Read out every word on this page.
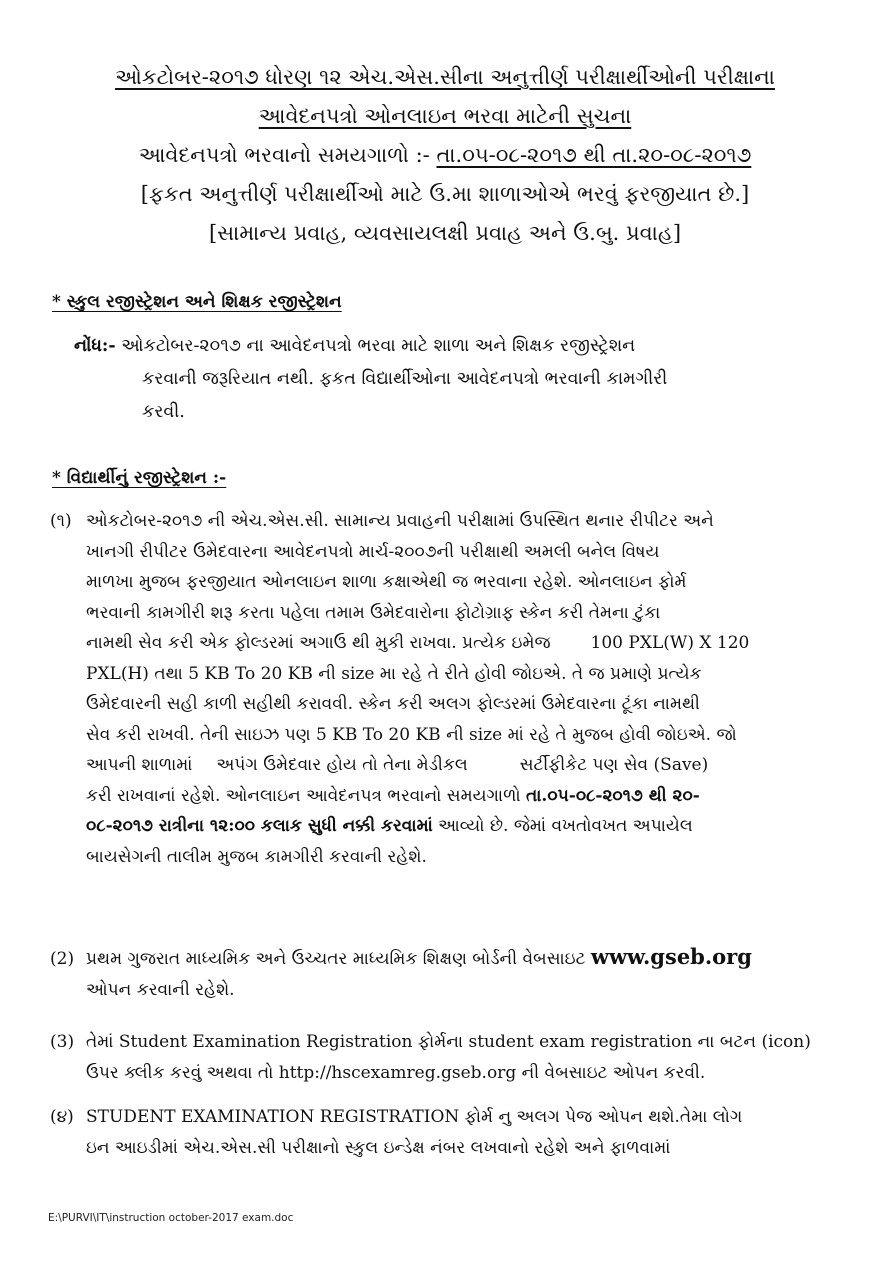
ઓકટોબર-૨૦૧૭ ધોરણ ૧૨ એચ.એસ.સીના અનુત્તીર્ણ પરીક્ષાર્થીઓની પરીક્ષાના
આવેદનપત્રો ઓનલાઇન ભરવા માટેની સુચના
આવેદનપત્રો ભરવાનો સમયગાળો :- તા.૦૫-૦૮-૨૦૧૭ થી તા.૨૦-૦૮-૨૦૧૭
[ફકત અનુત્તીર્ણ પરીક્ષાર્થીઓ માટે ઉ.મા શાળાઓએ ભરવું ફરજીયાત છે.]
[સામાન્ય પ્રવાહ, વ્યવસાયલક્ષી પ્રવાહ અને ઉ.બુ. પ્રવાહ]
* સ્કુલ રજીસ્ટ્રેશન અને શિક્ષક રજીસ્ટ્રેશન
નોંધ:- ઓકટોબર-૨૦૧૭ ના આવેદનપત્રો ભરવા માટે શાળા અને શિક્ષક રજીસ્ટ્રેશન
કરવાની જરૂરિયાત નથી. ફકત વિદ્યાર્થીઓના આવેદનપત્રો ભરવાની કામગીરી
કરવી.
* વિદ્યાર્થીનું રજીસ્ટ્રેશન :-
(૧) ઓકટોબર-૨૦૧૭ ની એચ.એસ.સી. સામાન્ય પ્રવાહની પરીક્ષામાં ઉપસ્થિત થનાર રીપીટર અને
ખાનગી રીપીટર ઉમેદવારના આવેદનપત્રો માર્ચ-૨૦૦૭ની પરીક્ષાથી અમલી બનેલ વિષય
માળખા મુજબ ફરજીયાત ઓનલાઇન શાળા કક્ષાએથી જ ભરવાના રહેશે. ઓનલાઇન ફોર્મ
ભરવાની કામગીરી શરૂ કરતા પહેલા તમામ ઉમેદવારોના ફોટોગ્રાફ સ્કેન કરી તેમના ટુંકા
નામથી સેવ કરી એક ફોલ્ડરમાં અગાઉ થી મુકી રાખવા. પ્રત્યેક ઇમેજ 100 PXL(W) X 120
PXL(H) તથા 5 KB To 20 KB ની size મા રહે તે રીતે હોવી જોઇએ. તે જ પ્રમાણે પ્રત્યેક
ઉમેદવારની સહી કાળી સહીથી કરાવવી. સ્કેન કરી અલગ ફોલ્ડરમાં ઉમેદવારના ટૂંકા નામથી
સેવ કરી રાખવી. તેની સાઇઝ પણ 5 KB To 20 KB ની size માં રહે તે મુજબ હોવી જોઇએ. જો
આપની શાળામાં અપંગ ઉમેદવાર હોય તો તેના મેડીકલ	સર્ટીફીકેટ પણ સેવ (Save)
કરી રાખવાનાં રહેશે. ઓનલાઇન આવેદનપત્ર ભરવાનો સમયગાળો તા.૦૫-૦૮-૨૦૧૭ થી ૨૦-
૦૮-૨૦૧૭ રાત્રીના ૧૨:૦૦ કલાક સુધી નક્કી કરવામાં આવ્યો છે. જેમાં વખતોવખત અપાયેલ
બાયસેગની તાલીમ મુજબ કામગીરી કરવાની રહેશે.
(2) પ્રથમ ગુજરાત માધ્યમિક અને ઉચ્ચતર માધ્યમિક શિક્ષણ બોર્ડની વેબસાઇટ www.gseb.org
ઓપન કરવાની રહેશે.
(3) તેમાં Student Examination Registration ફોર્મના student exam registration ના બટન (icon)
ઉપર ક્લીક કરવું અથવા તો http://hscexamreg.gseb.org ની વેબસાઇટ ઓપન કરવી.
(૪) STUDENT EXAMINATION REGISTRATION ફોર્મ નુ અલગ પેજ ઓપન થશે.તેમા લોગ
ઇન આઇડીમાં એચ.એસ.સી પરીક્ષાનો સ્કુલ ઇન્ડેક્ષ નંબર લખવાનો રહેશે અને ફાળવામાં
E:\PURVI\IT\instruction october-2017 exam.doc
